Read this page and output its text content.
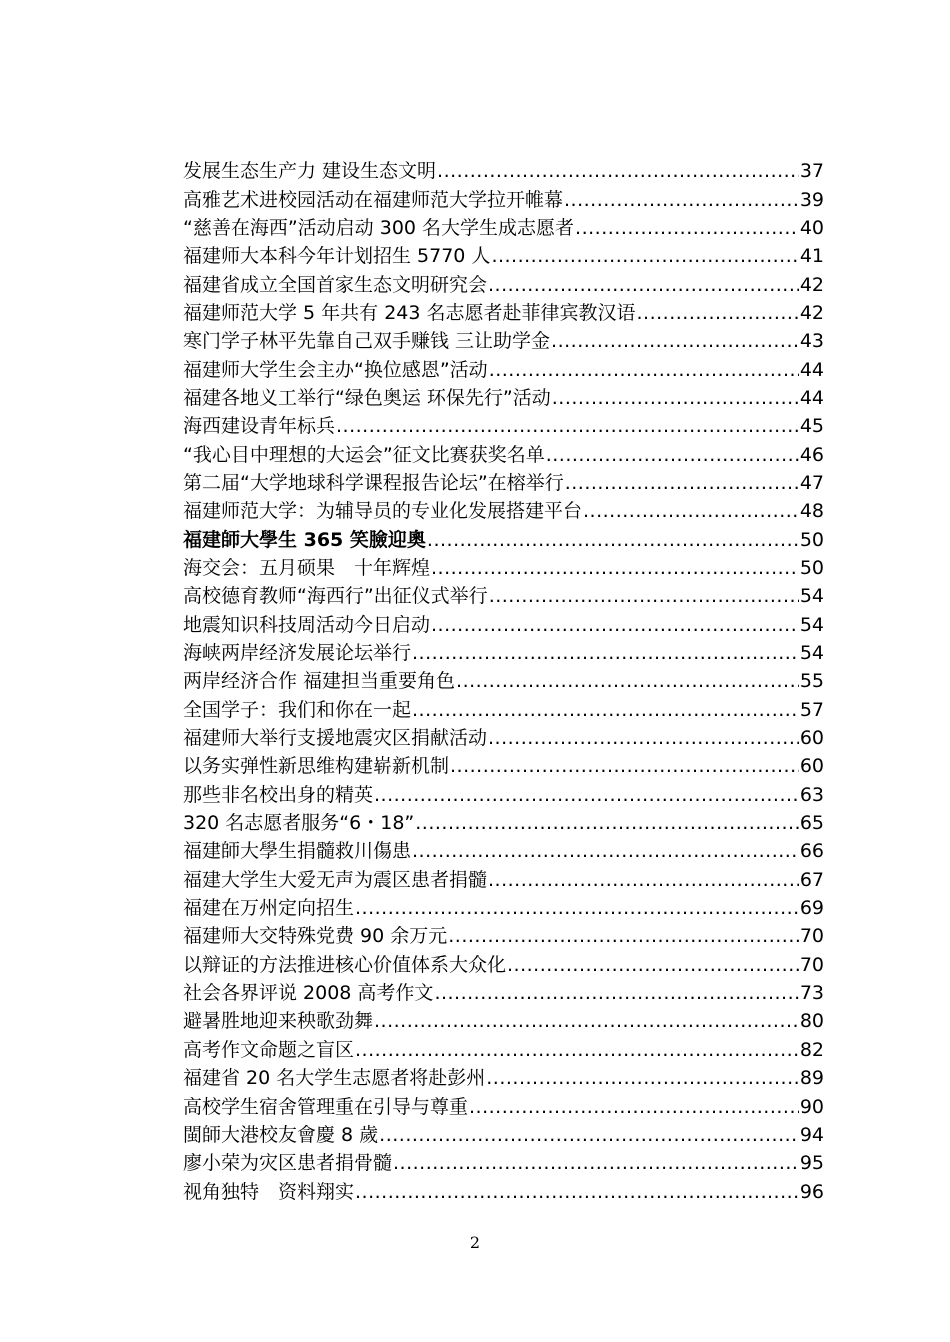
发展生态生产力 建设生态文明 .....	37
高雅艺术进校园活动在福建师范大学拉开帷幕 .....	39
“慈善在海西”活动启动 300 名大学生成志愿者 .....	40
福建师大本科今年计划招生 5770 人 .....	41
福建省成立全国首家生态文明研究会 .....	42
福建师范大学 5 年共有 243 名志愿者赴菲律宾教汉语 .....	42
寒门学子林平先靠自己双手赚钱 三让助学金 .....	43
福建师大学生会主办“换位感恩”活动 .....	44
福建各地义工举行“绿色奥运 环保先行”活动 .....	44
海西建设青年标兵 .....	45
“我心目中理想的大运会”征文比赛获奖名单 .....	46
第二届“大学地球科学课程报告论坛”在榕举行 .....	47
福建师范大学：为辅导员的专业化发展搭建平台 .....	48
福建師大學生 365 笑臉迎奧 .....	50
海交会：五月硕果　十年辉煌 .....	50
高校德育教师“海西行”出征仪式举行 .....	54
地震知识科技周活动今日启动 .....	54
海峡两岸经济发展论坛举行 .....	54
两岸经济合作 福建担当重要角色 .....	55
全国学子：我们和你在一起 .....	57
福建师大举行支援地震灾区捐献活动 .....	60
以务实弹性新思维构建崭新机制 .....	60
那些非名校出身的精英 .....	63
320 名志愿者服务“6・18” .....	65
福建師大學生捐髓救川傷患 .....	66
福建大学生大爱无声为震区患者捐髓 .....	67
福建在万州定向招生 .....	69
福建师大交特殊党费 90 余万元 .....	70
以辩证的方法推进核心价值体系大众化 .....	70
社会各界评说 2008 高考作文 .....	73
避暑胜地迎来秧歌劲舞 .....	80
高考作文命题之盲区 .....	82
福建省 20 名大学生志愿者将赴彭州 .....	89
高校学生宿舍管理重在引导与尊重 .....	90
閩師大港校友會慶 8 歲 .....	94
廖小荣为灾区患者捐骨髓 .....	95
视角独特　资料翔实 .....	96
2
